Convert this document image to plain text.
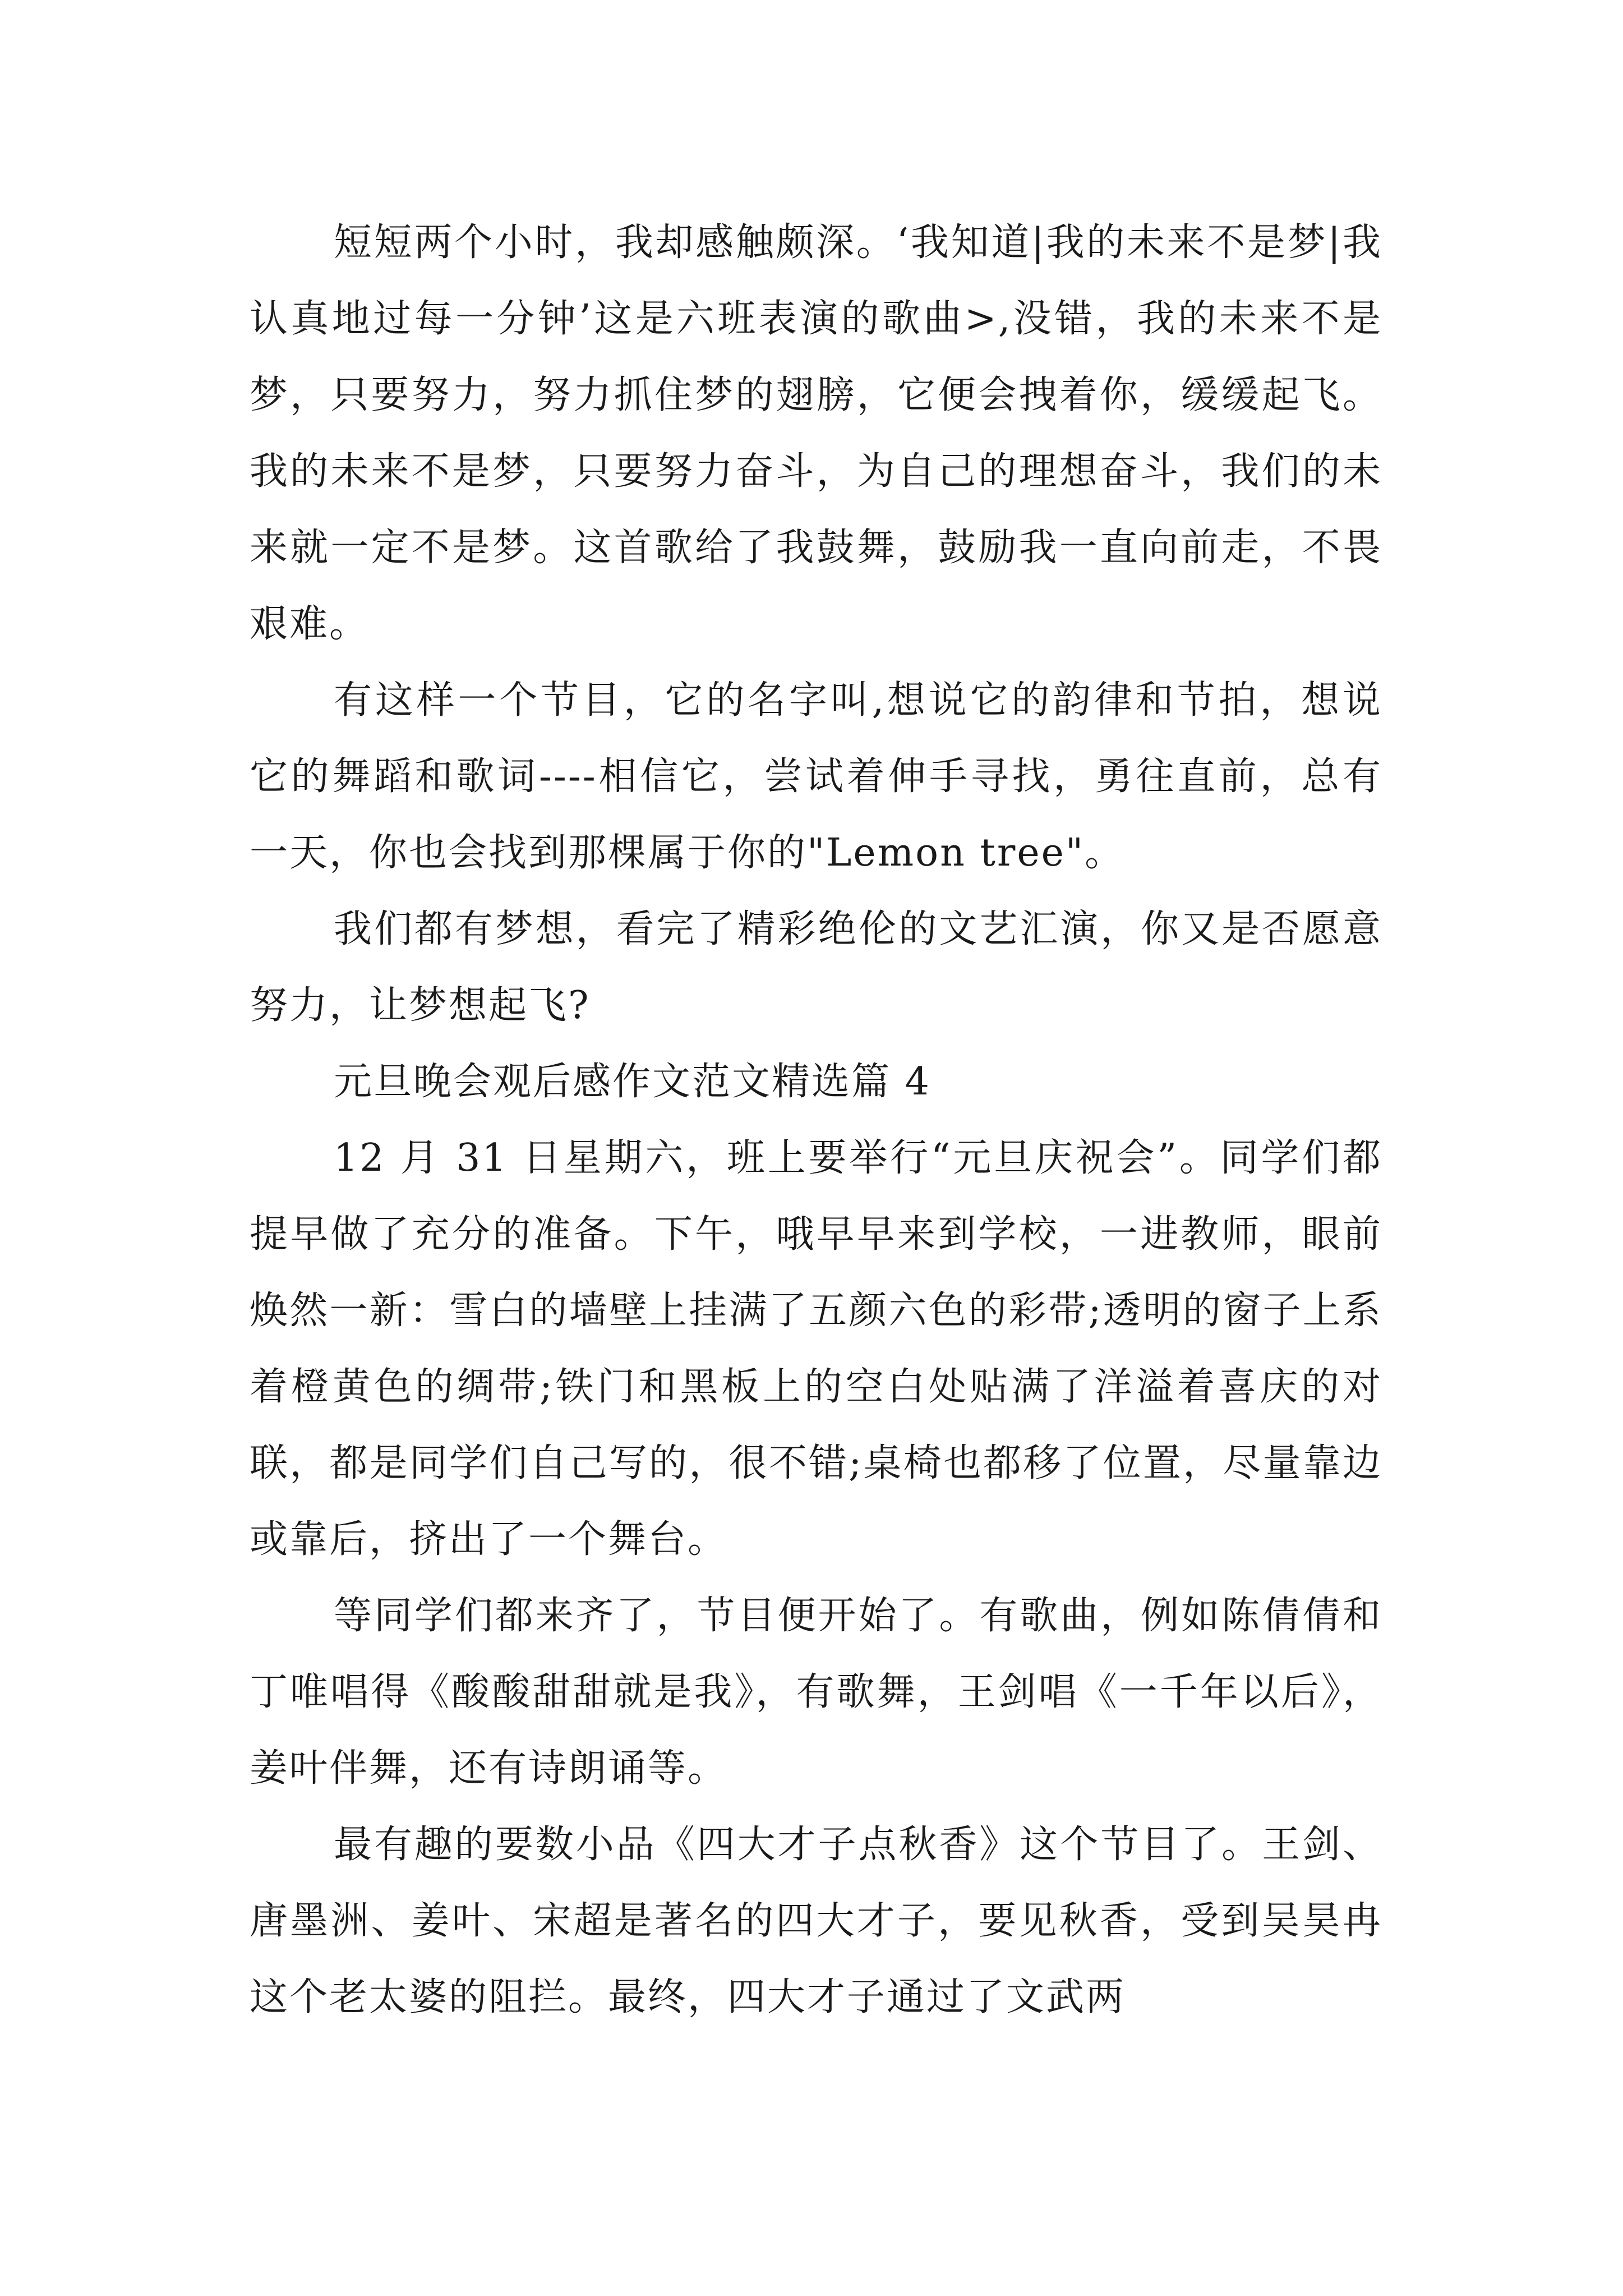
短短两个小时，我却感触颇深。‘我知道|我的未来不是梦|我认真地过每一分钟’这是六班表演的歌曲>,没错，我的未来不是梦，只要努力，努力抓住梦的翅膀，它便会拽着你，缓缓起飞。我的未来不是梦，只要努力奋斗，为自己的理想奋斗，我们的未来就一定不是梦。这首歌给了我鼓舞，鼓励我一直向前走，不畏艰难。

有这样一个节目，它的名字叫,想说它的韵律和节拍，想说它的舞蹈和歌词----相信它，尝试着伸手寻找，勇往直前，总有一天，你也会找到那棵属于你的"Lemon tree"。

我们都有梦想，看完了精彩绝伦的文艺汇演，你又是否愿意努力，让梦想起飞?

元旦晚会观后感作文范文精选篇 4

12 月 31 日星期六，班上要举行“元旦庆祝会”。同学们都提早做了充分的准备。下午，哦早早来到学校，一进教师，眼前焕然一新：雪白的墙壁上挂满了五颜六色的彩带;透明的窗子上系着橙黄色的绸带;铁门和黑板上的空白处贴满了洋溢着喜庆的对联，都是同学们自己写的，很不错;桌椅也都移了位置，尽量靠边或靠后，挤出了一个舞台。

等同学们都来齐了，节目便开始了。有歌曲，例如陈倩倩和丁唯唱得《酸酸甜甜就是我》，有歌舞，王剑唱《一千年以后》，姜叶伴舞，还有诗朗诵等。

最有趣的要数小品《四大才子点秋香》这个节目了。王剑、唐墨洲、姜叶、宋超是著名的四大才子，要见秋香，受到吴昊冉这个老太婆的阻拦。最终，四大才子通过了文武两
